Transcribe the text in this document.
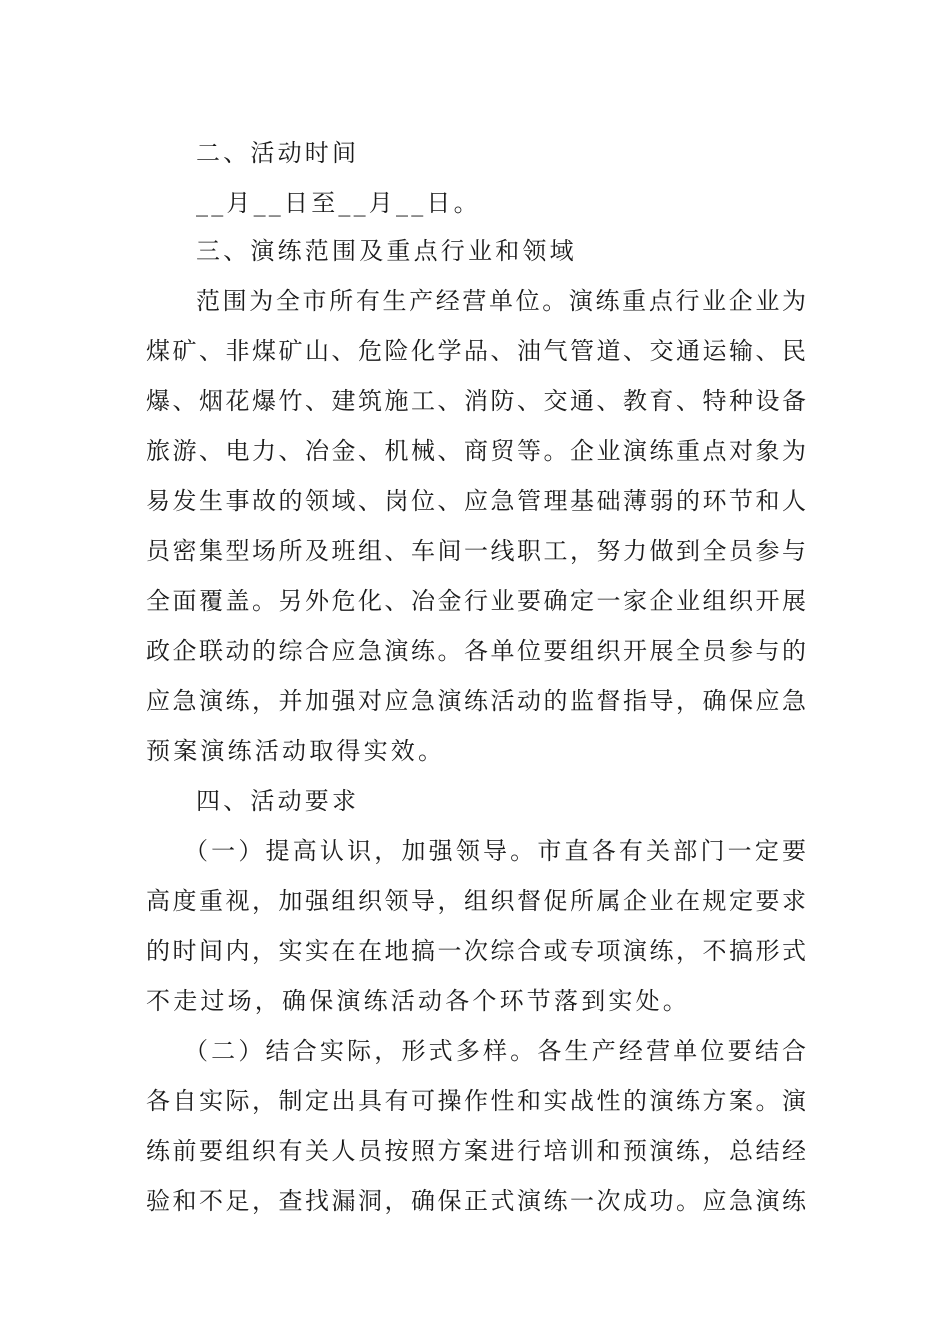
二、活动时间
__月__日至__月__日。
三、演练范围及重点行业和领域
范围为全市所有生产经营单位。演练重点行业企业为
煤矿、非煤矿山、危险化学品、油气管道、交通运输、民
爆、烟花爆竹、建筑施工、消防、交通、教育、特种设备
旅游、电力、冶金、机械、商贸等。企业演练重点对象为
易发生事故的领域、岗位、应急管理基础薄弱的环节和人
员密集型场所及班组、车间一线职工，努力做到全员参与
全面覆盖。另外危化、冶金行业要确定一家企业组织开展
政企联动的综合应急演练。各单位要组织开展全员参与的
应急演练，并加强对应急演练活动的监督指导，确保应急
预案演练活动取得实效。
四、活动要求
（一）提高认识，加强领导。市直各有关部门一定要
高度重视，加强组织领导，组织督促所属企业在规定要求
的时间内，实实在在地搞一次综合或专项演练，不搞形式
不走过场，确保演练活动各个环节落到实处。
（二）结合实际，形式多样。各生产经营单位要结合
各自实际，制定出具有可操作性和实战性的演练方案。演
练前要组织有关人员按照方案进行培训和预演练，总结经
验和不足，查找漏洞，确保正式演练一次成功。应急演练
